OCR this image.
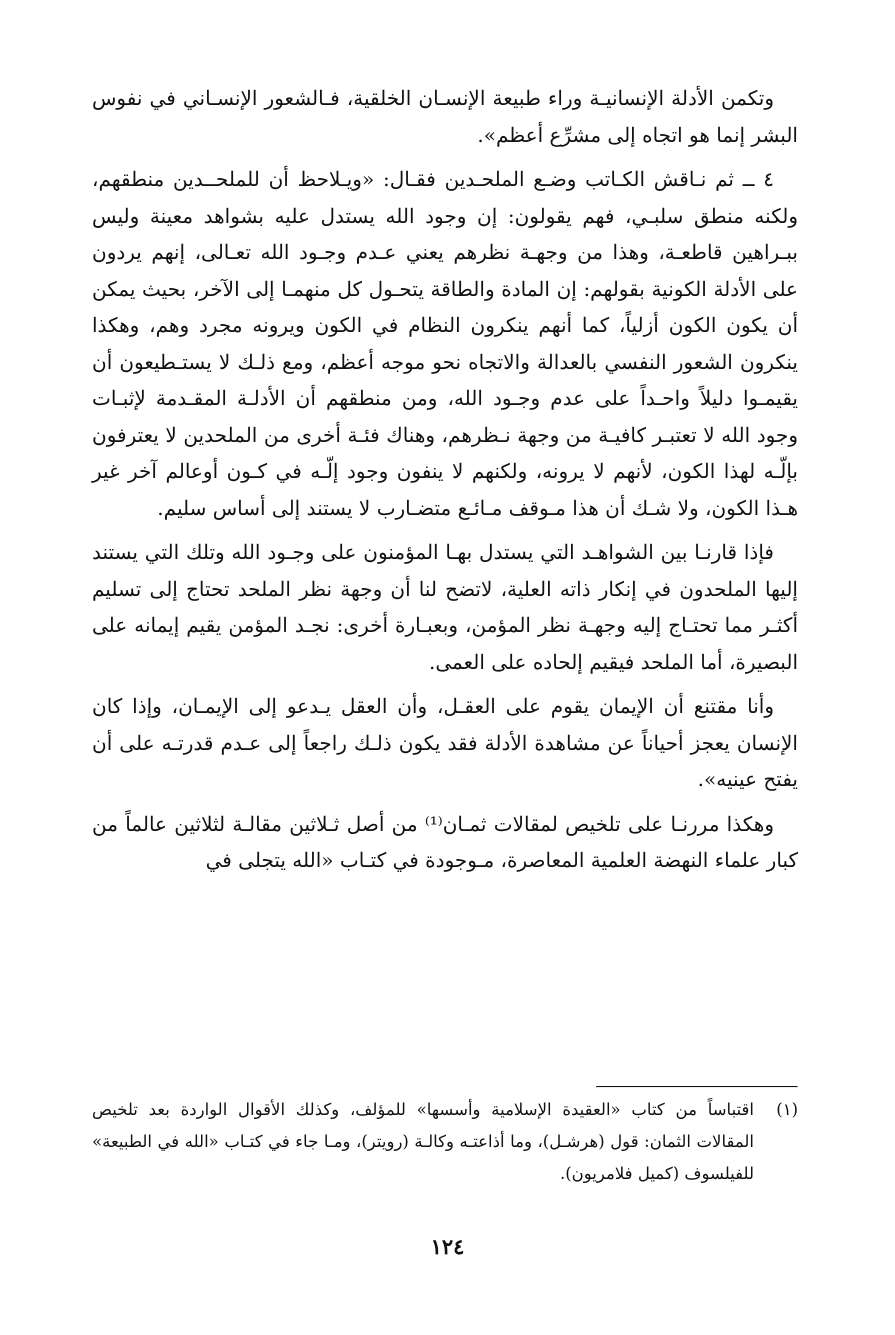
وتكمن الأدلة الإنسانيـة وراء طبيعة الإنسـان الخلقية، فـالشعور الإنسـاني في نفوس البشر إنما هو اتجاه إلى مشرِّع أعظم».

٤ ــ ثم نـاقش الكـاتب وضـع الملحـدين فقـال: «ويـلاحظ أن للملحــدين منطقهم، ولكنه منطق سلبـي، فهم يقولون: إن وجود الله يستدل عليه بشواهد معينة وليس ببـراهين قاطعـة، وهذا من وجهـة نظرهم يعني عـدم وجـود الله تعـالى، إنهم يردون على الأدلة الكونية بقولهم: إن المادة والطاقة يتحـول كل منهمـا إلى الآخر، بحيث يمكن أن يكون الكون أزلياً، كما أنهم ينكرون النظام في الكون ويرونه مجرد وهم، وهكذا ينكرون الشعور النفسي بالعدالة والاتجاه نحو موجه أعظم، ومع ذلـك لا يستـطيعون أن يقيمـوا دليلاً واحـداً على عدم وجـود الله، ومن منطقهم أن الأدلـة المقـدمة لإثبـات وجود الله لا تعتبـر كافيـة من وجهة نـظرهم، وهناك فئـة أخرى من الملحدين لا يعترفون بإلّـه لهذا الكون، لأنهم لا يرونه، ولكنهم لا ينفون وجود إلّـه في كـون أوعالم آخر غير هـذا الكون، ولا شـك أن هذا مـوقف مـائـع متضـارب لا يستند إلى أساس سليم.

فإذا قارنـا بين الشواهـد التي يستدل بهـا المؤمنون على وجـود الله وتلك التي يستند إليها الملحدون في إنكار ذاته العلية، لاتضح لنا أن وجهة نظر الملحد تحتاج إلى تسليم أكثـر مما تحتـاج إليه وجهـة نظر المؤمن، وبعبـارة أخرى: نجـد المؤمن يقيم إيمانه على البصيرة، أما الملحد فيقيم إلحاده على العمى.

وأنا مقتنع أن الإيمان يقوم على العقـل، وأن العقل يـدعو إلى الإيمـان، وإذا كان الإنسان يعجز أحياناً عن مشاهدة الأدلة فقد يكون ذلـك راجعاً إلى عـدم قدرتـه على أن يفتح عينيه».

وهكذا مررنـا على تلخيص لمقالات ثمـان⁽¹⁾ من أصل ثـلاثين مقالـة لثلاثين عالماً من كبار علماء النهضة العلمية المعاصرة، مـوجودة في كتـاب «الله يتجلى في

(١)
اقتباساً من كتاب «العقيدة الإسلامية وأسسها» للمؤلف، وكذلك الأقوال الواردة بعد تلخيص المقالات الثمان: قول (هرشـل)، وما أذاعتـه وكالـة (رويتر)، ومـا جاء في كتـاب «الله في الطبيعة» للفيلسوف (كميل فلامريون).
١٢٤
